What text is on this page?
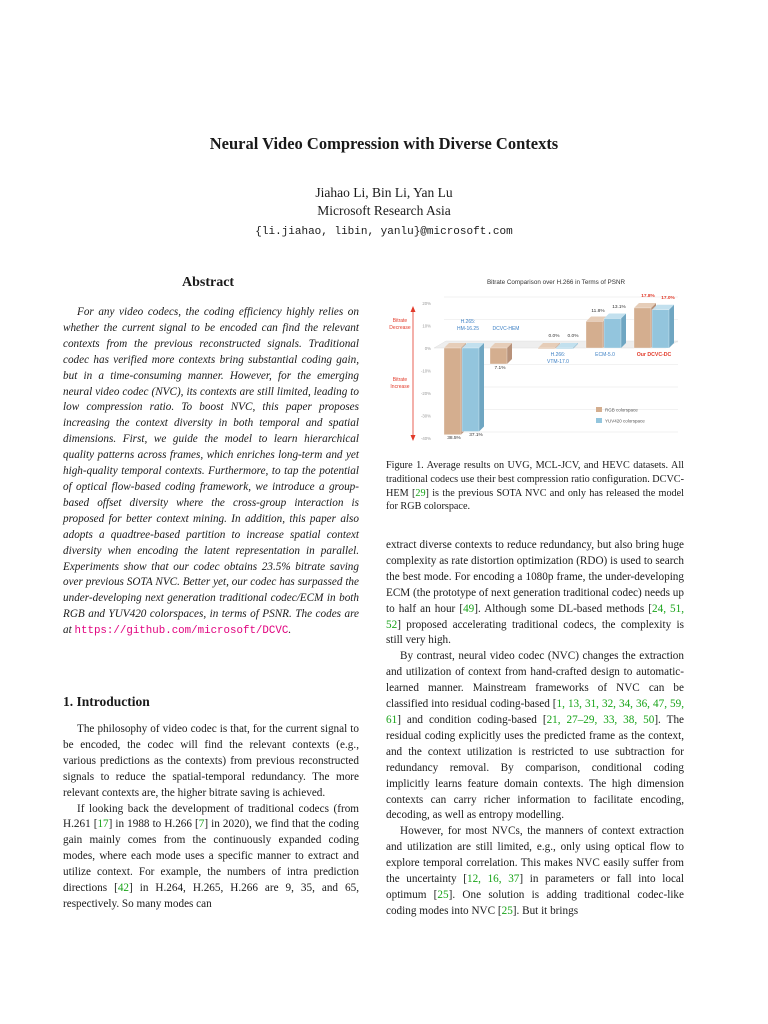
Neural Video Compression with Diverse Contexts
Jiahao Li, Bin Li, Yan Lu
Microsoft Research Asia
{li.jiahao, libin, yanlu}@microsoft.com
Abstract
For any video codecs, the coding efficiency highly relies on whether the current signal to be encoded can find the relevant contexts from the previous reconstructed signals. Traditional codec has verified more contexts bring substantial coding gain, but in a time-consuming manner. However, for the emerging neural video codec (NVC), its contexts are still limited, leading to low compression ratio. To boost NVC, this paper proposes increasing the context diversity in both temporal and spatial dimensions. First, we guide the model to learn hierarchical quality patterns across frames, which enriches long-term and yet high-quality temporal contexts. Furthermore, to tap the potential of optical flow-based coding framework, we introduce a group-based offset diversity where the cross-group interaction is proposed for better context mining. In addition, this paper also adopts a quadtree-based partition to increase spatial context diversity when encoding the latent representation in parallel. Experiments show that our codec obtains 23.5% bitrate saving over previous SOTA NVC. Better yet, our codec has surpassed the under-developing next generation traditional codec/ECM in both RGB and YUV420 colorspaces, in terms of PSNR. The codes are at https://github.com/microsoft/DCVC.
1. Introduction

The philosophy of video codec is that, for the current signal to be encoded, the codec will find the relevant contexts (e.g., various predictions as the contexts) from previous reconstructed signals to reduce the spatial-temporal redundancy. The more relevant contexts are, the higher bitrate saving is achieved.

If looking back the development of traditional codecs (from H.261 [17] in 1988 to H.266 [7] in 2020), we find that the coding gain mainly comes from the continuously expanded coding modes, where each mode uses a specific manner to extract and utilize context. For example, the numbers of intra prediction directions [42] in H.264, H.265, H.266 are 9, 35, and 65, respectively. So many modes can

Bitrate Comparison over H.266 in Terms of PSNR
20%
10%
0%
-10%
-20%
-30%
-40%
Bitrate
Decrease
Bitrate
Increase
H.265:
HM-16.25	DCVC-HEM
H.266:
VTM-17.0
ECM-5.0	Our DCVC-DC
38.5%
37.1%
7.1%
0.0% 0.0%
11.8%
13.1%
17.8% 17.0%
RGB colorspace
YUV420 colorspace
Figure 1. Average results on UVG, MCL-JCV, and HEVC datasets. All traditional codecs use their best compression ratio configuration. DCVC-HEM [29] is the previous SOTA NVC and only has released the model for RGB colorspace.

extract diverse contexts to reduce redundancy, but also bring huge complexity as rate distortion optimization (RDO) is used to search the best mode. For encoding a 1080p frame, the under-developing ECM (the prototype of next generation traditional codec) needs up to half an hour [49]. Although some DL-based methods [24, 51, 52] proposed accelerating traditional codecs, the complexity is still very high.

By contrast, neural video codec (NVC) changes the extraction and utilization of context from hand-crafted design to automatic-learned manner. Mainstream frameworks of NVC can be classified into residual coding-based [1, 13, 31, 32, 34, 36, 47, 59, 61] and condition coding-based [21, 27–29, 33, 38, 50]. The residual coding explicitly uses the predicted frame as the context, and the context utilization is restricted to use subtraction for redundancy removal. By comparison, conditional coding implicitly learns feature domain contexts. The high dimension contexts can carry richer information to facilitate encoding, decoding, as well as entropy modelling.

However, for most NVCs, the manners of context extraction and utilization are still limited, e.g., only using optical flow to explore temporal correlation. This makes NVC easily suffer from the uncertainty [12, 16, 37] in parameters or fall into local optimum [25]. One solution is adding traditional codec-like coding modes into NVC [25]. But it brings
